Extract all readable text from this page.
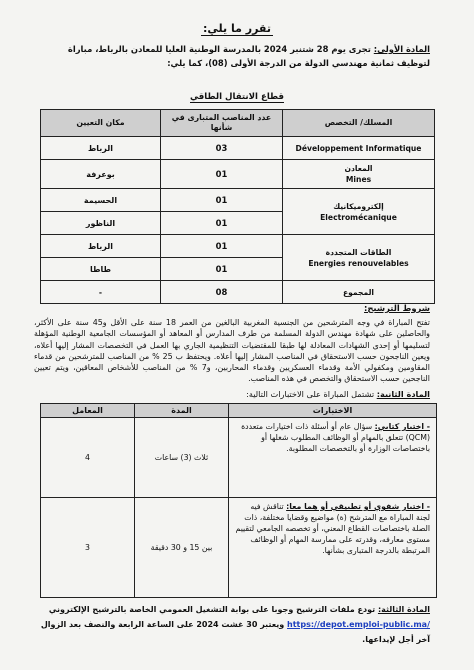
تقرر ما يلي:
المادة الأولى: تجرى يوم 28 شتنبر 2024 بالمدرسة الوطنية العليا للمعادن بالرباط، مباراة لتوظيف ثمانية مهندسي الدولة من الدرجة الأولى (08)، كما يلي:
قطاع الانتقال الطاقي
المسلك/ التخصص	عدد المناصب المتبارى في شأنها	مكان التعيين

Développement Informatique	03	الرباط

المعادن
Mines	01	بوعرفة

إلكتروميكانيك
Electromécanique	01	الحسيمة
	01	الناظور

الطاقات المتجددة
Energies renouvelables	01	الرباط
	01	طاطا
المجموع	08	-
شروط الترشيح:
تفتح المباراة في وجه المترشحين من الجنسية المغربية البالغين من العمر 18 سنة على الأقل و45 سنة على الأكثر، والحاصلين على شهادة مهندس الدولة المسلمة من طرف المدارس أو المعاهد أو المؤسسات الجامعية الوطنية المؤهلة لتسليمها أو إحدى الشهادات المعادلة لها طبقا للمقتضيات التنظيمية الجاري بها العمل في التخصصات المشار إليها أعلاه، ويعين الناجحون حسب الاستحقاق في المناصب المشار إليها أعلاه. ويحتفظ ب 25 % من المناصب للمترشحين من قدماء المقاومين ومكفولي الأمة وقدماء العسكريين وقدماء المحاربين، و7 % من المناصب للأشخاص المعاقين، ويتم تعيين الناجحين حسب الاستحقاق والتخصص في هذه المناصب.
المادة الثانية: تشتمل المباراة على الاختبارات التالية:
الاختبارات	المدة	المعامل
- اختبار كتابي: سؤال عام أو أسئلة ذات اختيارات متعددة (QCM) تتعلق بالمهام أو الوظائف المطلوب شغلها أو باختصاصات الوزارة أو بالتخصصات المطلوبة.	ثلاث (3) ساعات	4
- اختبار شفوي أو تطبيقي أو هما معا: تناقش فيه لجنة المباراة مع المترشح (ة) مواضيع وقضايا مختلفة، ذات الصلة باختصاصات القطاع المعني، أو تخصصه الجامعي لتقييم مستوى معارفه، وقدرته على ممارسة المهام أو الوظائف المرتبطة بالدرجة المتبارى بشأنها.	بين 15 و 30 دقيقة	3
المادة الثالثة: تودع ملفات الترشيح وجوبا على بوابة التشغيل العمومي الخاصة بالترشيح الإلكتروني https://depot.emploi-public.ma/ ويعتبر 30 غشت 2024 على الساعة الرابعة والنصف بعد الزوال آخر أجل لإيداعها.
